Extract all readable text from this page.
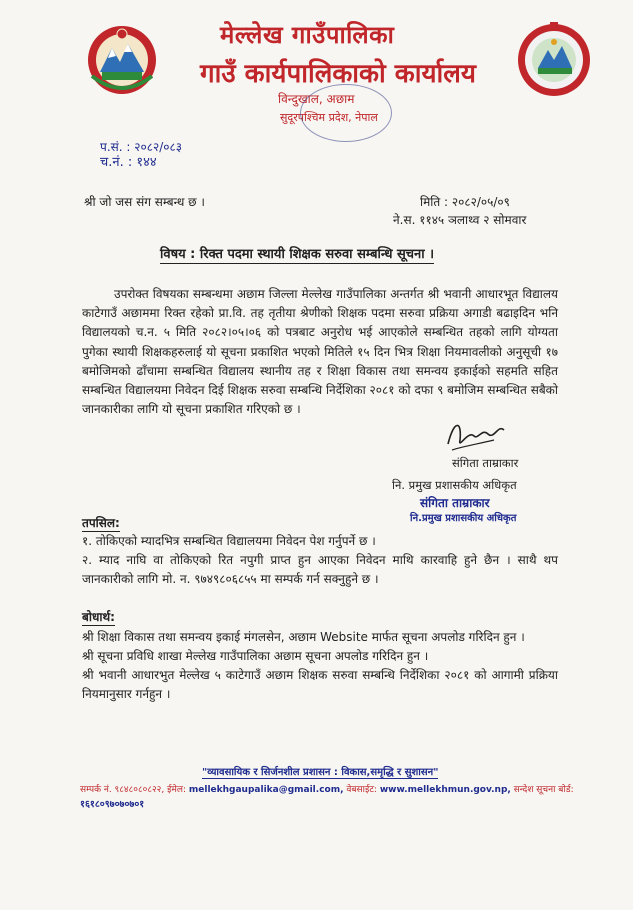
मेल्लेख गाउँपालिका
गाउँ कार्यपालिकाको कार्यालय
विन्दुखाल, अछाम
सुदूरपश्चिम प्रदेश, नेपाल
प.सं. : २०८२/०८३
च.नं. : १४४
श्री जो जस संग सम्बन्ध छ ।	मिति : २०८२/०५/०९
ने.स. ११४५ ञलाथ्व २ सोमवार
विषय : रिक्त पदमा स्थायी शिक्षक सरुवा सम्बन्धि सूचना ।
उपरोक्त विषयका सम्बन्धमा अछाम जिल्ला मेल्लेख गाउँपालिका अन्तर्गत श्री भवानी आधारभूत विद्यालय काटेगाउँ अछाममा रिक्त रहेको प्रा.वि. तह तृतीया श्रेणीको शिक्षक पदमा सरुवा प्रक्रिया अगाडी बढाइदिन भनि विद्यालयको च.न. ५ मिति २०८२।०५।०६ को पत्रबाट अनुरोध भई आएकोले सम्बन्धित तहको लागि योग्यता पुगेका स्थायी शिक्षकहरुलाई यो सूचना प्रकाशित भएको मितिले १५ दिन भित्र शिक्षा नियमावलीको अनुसूची १७ बमोजिमको ढाँचामा सम्बन्धित विद्यालय स्थानीय तह र शिक्षा विकास तथा समन्वय इकाईको सहमति सहित सम्बन्धित विद्यालयमा निवेदन दिई शिक्षक सरुवा सम्बन्धि निर्देशिका २०८१ को दफा ९ बमोजिम सम्बन्धित सबैको जानकारीका लागि यो सूचना प्रकाशित गरिएको छ ।
संगिता ताम्राकार
नि. प्रमुख प्रशासकीय अधिकृत
संगिता ताम्राकार
नि.प्रमुख प्रशासकीय अधिकृत
तपसिल:

१. तोकिएको म्यादभित्र सम्बन्धित विद्यालयमा निवेदन पेश गर्नुपर्ने छ ।

२. म्याद नाघि वा तोकिएको रित नपुगी प्राप्त हुन आएका निवेदन माथि कारवाहि हुने छैन । साथै थप जानकारीको लागि मो. न. ९७४९८०६८५५ मा सम्पर्क गर्न सक्नुहुने छ ।

बोधार्थ:

श्री शिक्षा विकास तथा समन्वय इकाई मंगलसेन, अछाम Website मार्फत सूचना अपलोड गरिदिन हुन ।

श्री सूचना प्रविधि शाखा मेल्लेख गाउँपालिका अछाम सूचना अपलोड गरिदिन हुन ।

श्री भवानी आधारभुत मेल्लेख ५ काटेगाउँ अछाम शिक्षक सरुवा सम्बन्धि निर्देशिका २०८१ को आगामी प्रक्रिया नियमानुसार गर्नहुन ।

"व्यावसायिक र सिर्जनशील प्रशासन : विकास,समृद्धि र सुशासन"
सम्पर्क नं. ९८४८०८०८२२, ईमेल: mellekhgaupalika@gmail.com, वेबसाईट: www.mellekhmun.gov.np, सन्देश सूचना बोर्ड:
१६१८०९७०७०७०१
